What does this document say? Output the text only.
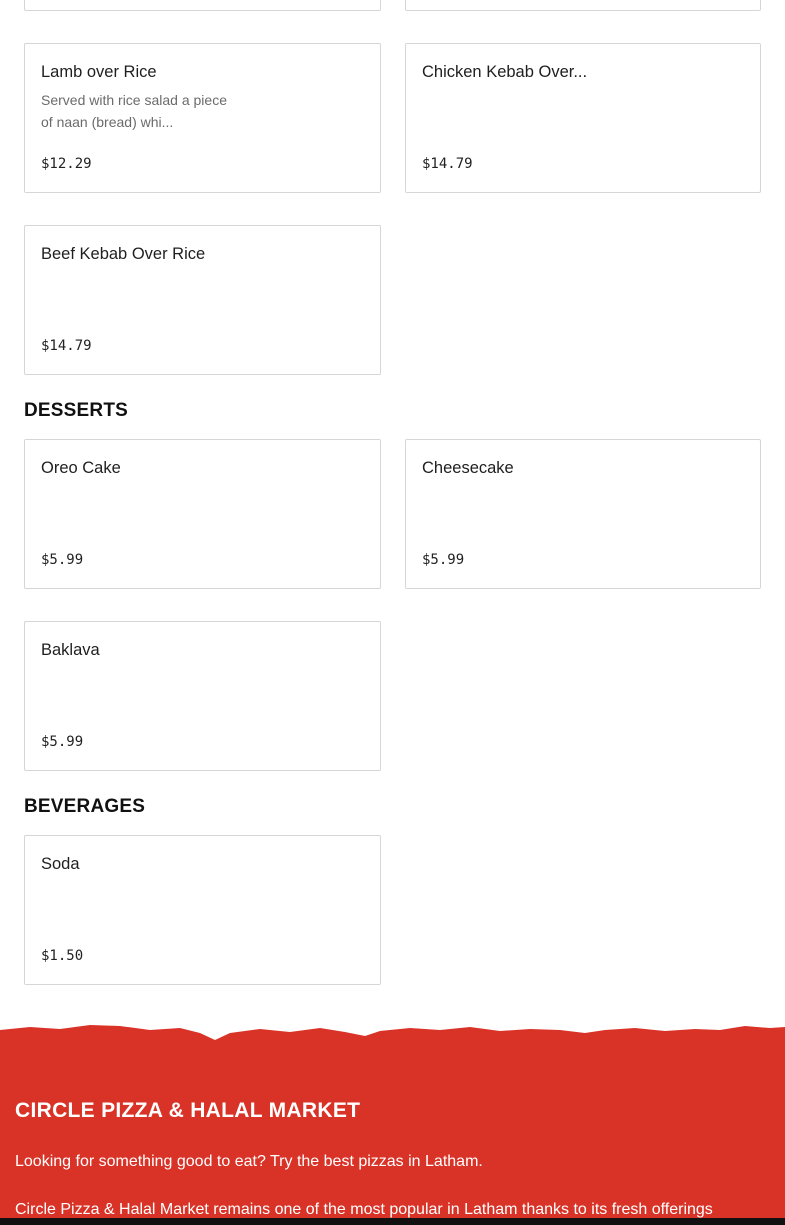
Lamb over Rice
Served with rice salad a piece of naan (bread) whi...
$12.29
Chicken Kebab Over...
$14.79
Beef Kebab Over Rice
$14.79
DESSERTS
Oreo Cake
$5.99
Cheesecake
$5.99
Baklava
$5.99
BEVERAGES
Soda
$1.50
CIRCLE PIZZA & HALAL MARKET
Looking for something good to eat? Try the best pizzas in Latham.
Circle Pizza & Halal Market remains one of the most popular in Latham thanks to its fresh offerings
